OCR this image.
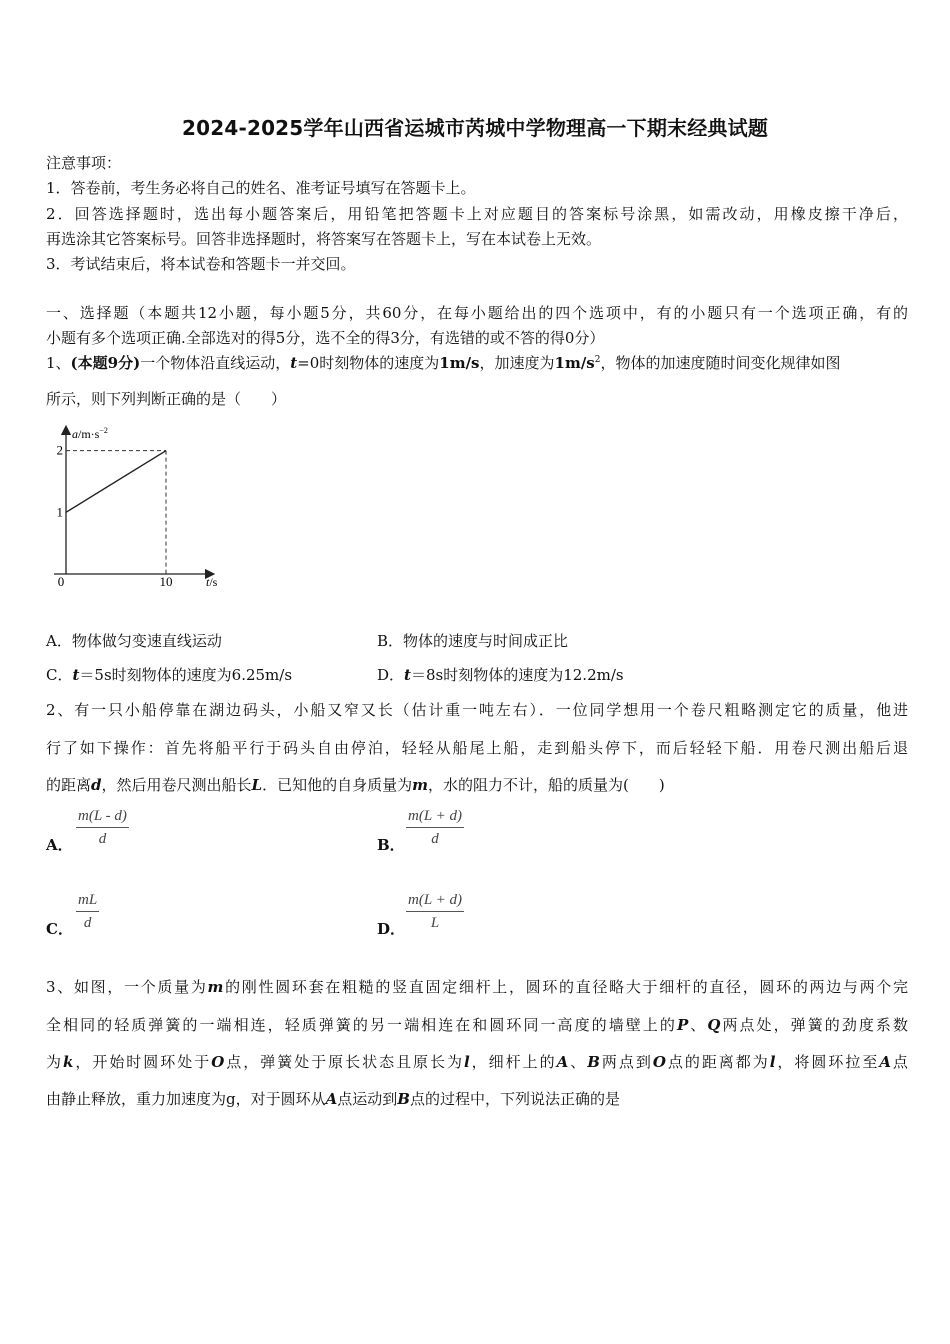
2024-2025学年山西省运城市芮城中学物理高一下期末经典试题
注意事项：
1．答卷前，考生务必将自己的姓名、准考证号填写在答题卡上。
2．回答选择题时，选出每小题答案后，用铅笔把答题卡上对应题目的答案标号涂黑，如需改动，用橡皮擦干净后，
再选涂其它答案标号。回答非选择题时，将答案写在答题卡上，写在本试卷上无效。
3．考试结束后，将本试卷和答题卡一并交回。
一、选择题（本题共12小题，每小题5分，共60分，在每小题给出的四个选项中，有的小题只有一个选项正确，有的
小题有多个选项正确.全部选对的得5分，选不全的得3分，有选错的或不答的得0分）
1、(本题9分)一个物体沿直线运动，t=0时刻物体的速度为1m/s，加速度为$1m/s^2$，物体的加速度随时间变化规律如图
所示，则下列判断正确的是（　　）
1
2
0	10
$a/m\cdot s^{-2}$
t/s
A．物体做匀变速直线运动	B．物体的速度与时间成正比
C．t＝5s时刻物体的速度为6.25m/s	D．t＝8s时刻物体的速度为12.2m/s
2、有一只小船停靠在湖边码头，小船又窄又长（估计重一吨左右）．一位同学想用一个卷尺粗略测定它的质量，他进
行了如下操作：首先将船平行于码头自由停泊，轻轻从船尾上船，走到船头停下，而后轻轻下船．用卷尺测出船后退
的距离d，然后用卷尺测出船长L．已知他的自身质量为m，水的阻力不计，船的质量为(　　)
A． $\frac{m(L - d)}{d}$	B． $\frac{m(L + d)}{d}$
C． $\frac{mL}{d}$	D． $\frac{m(L + d)}{L}$
3、如图，一个质量为m的刚性圆环套在粗糙的竖直固定细杆上，圆环的直径略大于细杆的直径，圆环的两边与两个完
全相同的轻质弹簧的一端相连，轻质弹簧的另一端相连在和圆环同一高度的墙壁上的P、Q两点处，弹簧的劲度系数
为k，开始时圆环处于O点，弹簧处于原长状态且原长为l，细杆上的A、B两点到O点的距离都为l，将圆环拉至A点
由静止释放，重力加速度为g，对于圆环从A点运动到B点的过程中，下列说法正确的是
